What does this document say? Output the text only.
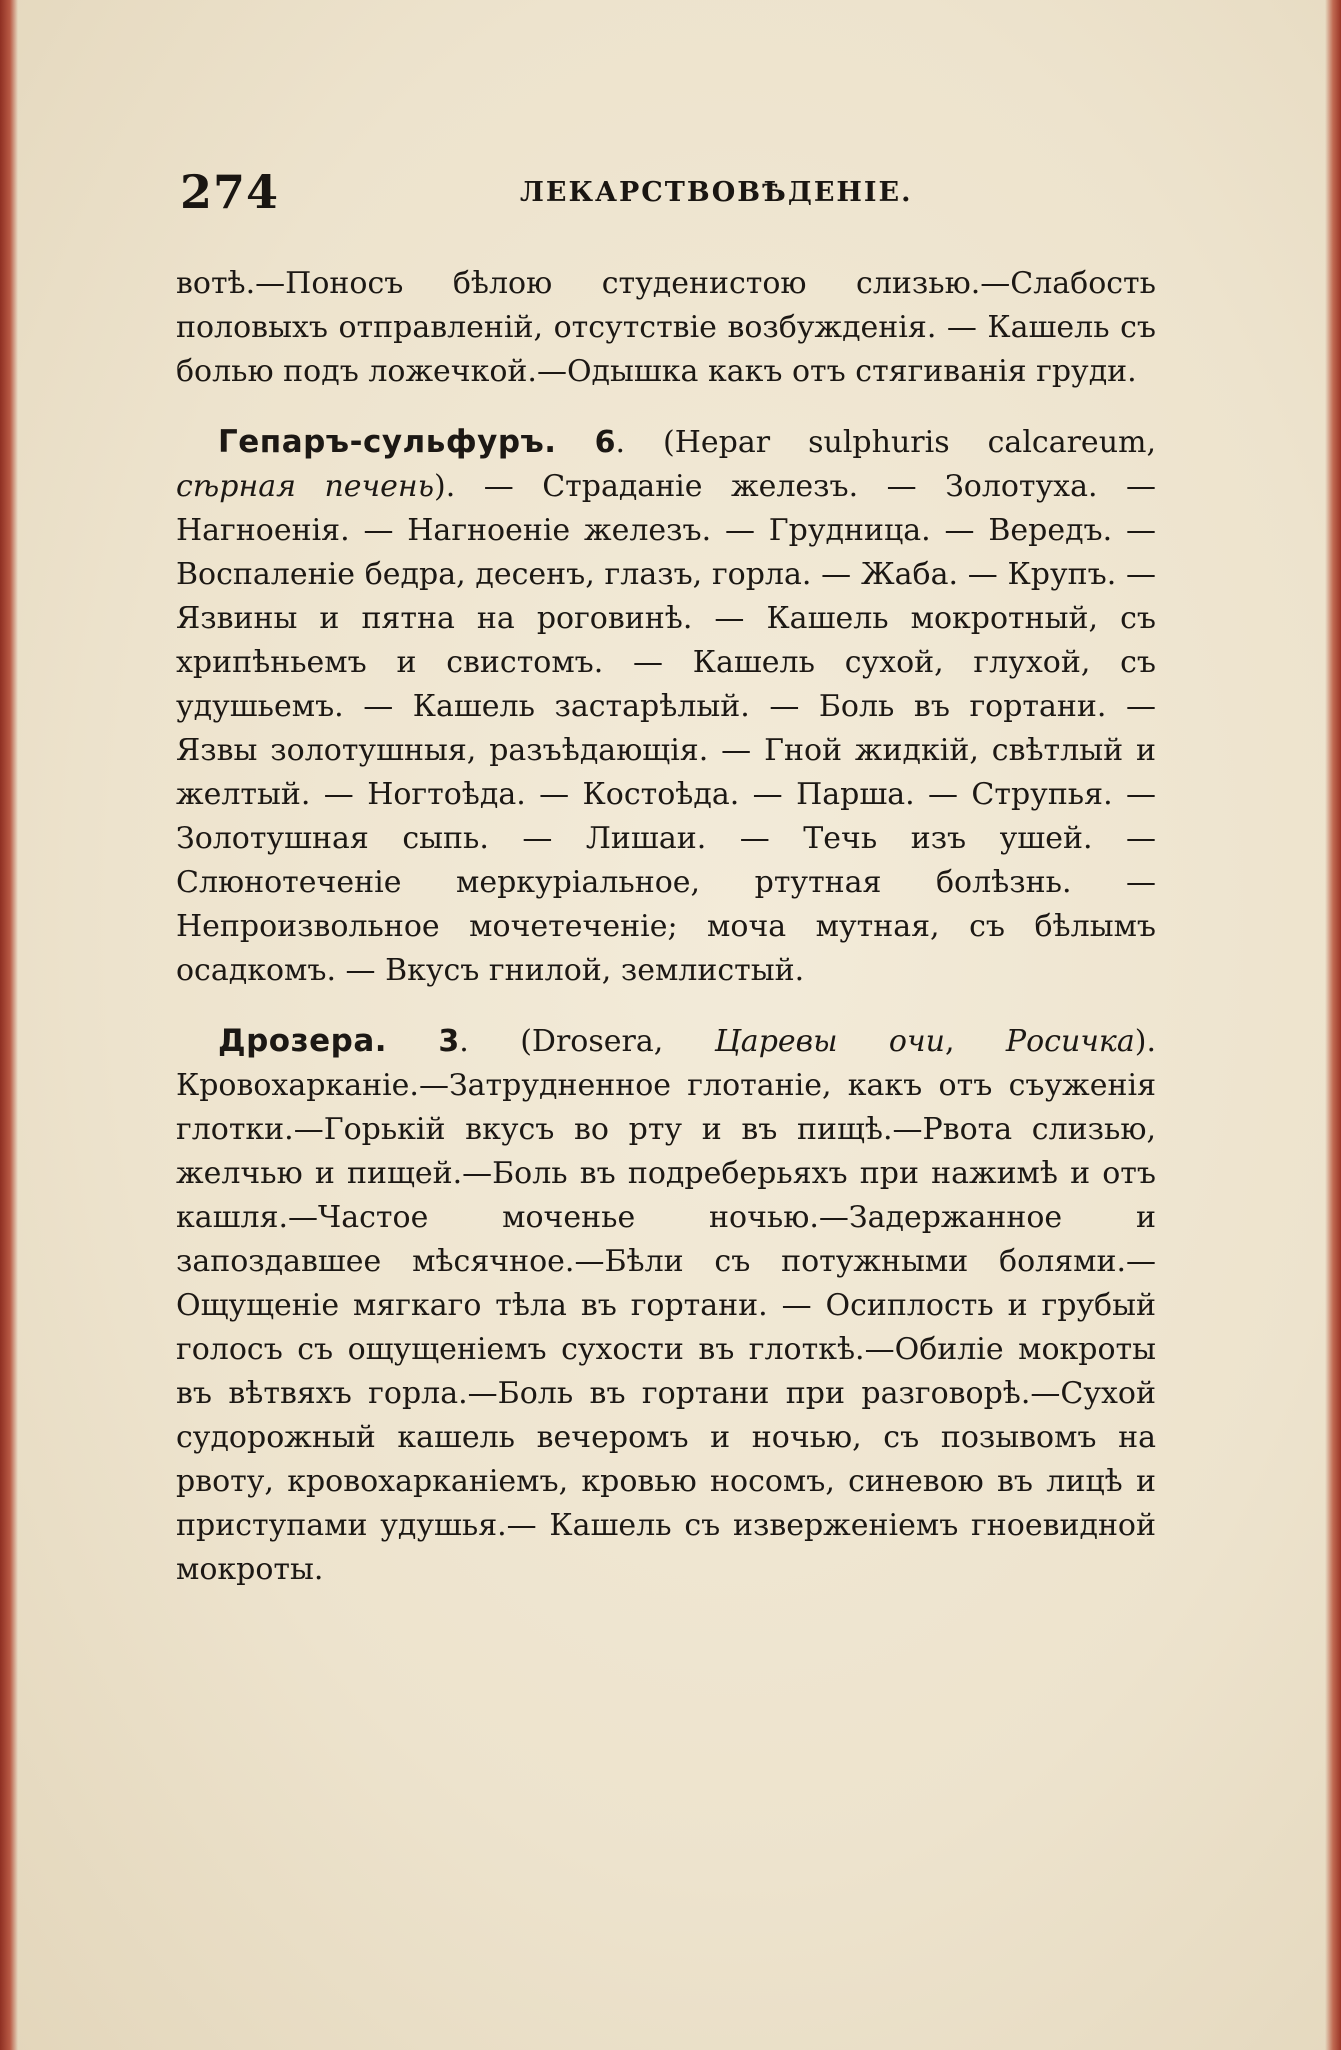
274	ЛЕКАРСТВОВѢДЕНІЕ.

вотѣ.—Поносъ бѣлою студенистою слизью.—Слабость половыхъ отправленій, отсутствіе возбужденія. — Кашель съ болью подъ ложечкой.—Одышка какъ отъ стягиванія груди.

Гепаръ-сульфуръ. 6. (Hepar sulphuris calcareum, сѣрная печень). — Страданіе железъ. — Золотуха. — Нагноенія. — Нагноеніе железъ. — Грудница. — Вередъ. — Воспаленіе бедра, десенъ, глазъ, горла. — Жаба. — Крупъ. — Язвины и пятна на роговинѣ. — Кашель мокротный, съ хрипѣньемъ и свистомъ. — Кашель сухой, глухой, съ удушьемъ. — Кашель застарѣлый. — Боль въ гортани. — Язвы золотушныя, разъѣдающія. — Гной жидкій, свѣтлый и желтый. — Ногтоѣда. — Костоѣда. — Парша. — Струпья. — Золотушная сыпь. — Лишаи. — Течь изъ ушей. — Слюнотеченіе меркуріальное, ртутная болѣзнь. — Непроизвольное мочетеченіе; моча мутная, съ бѣлымъ осадкомъ. — Вкусъ гнилой, землистый.

Дрозера. 3. (Drosera, Царевы очи, Росичка). Кровохарканіе.—Затрудненное глотаніе, какъ отъ съуженія глотки.—Горькій вкусъ во рту и въ пищѣ.—Рвота слизью, желчью и пищей.—Боль въ подреберьяхъ при нажимѣ и отъ кашля.—Частое моченье ночью.—Задержанное и запоздавшее мѣсячное.—Бѣли съ потужными болями.—Ощущеніе мягкаго тѣла въ гортани. — Осиплость и грубый голосъ съ ощущеніемъ сухости въ глоткѣ.—Обиліе мокроты въ вѣтвяхъ горла.—Боль въ гортани при разговорѣ.—Сухой судорожный кашель вечеромъ и ночью, съ позывомъ на рвоту, кровохарканіемъ, кровью носомъ, синевою въ лицѣ и приступами удушья.— Кашель съ изверженіемъ гноевидной мокроты.
